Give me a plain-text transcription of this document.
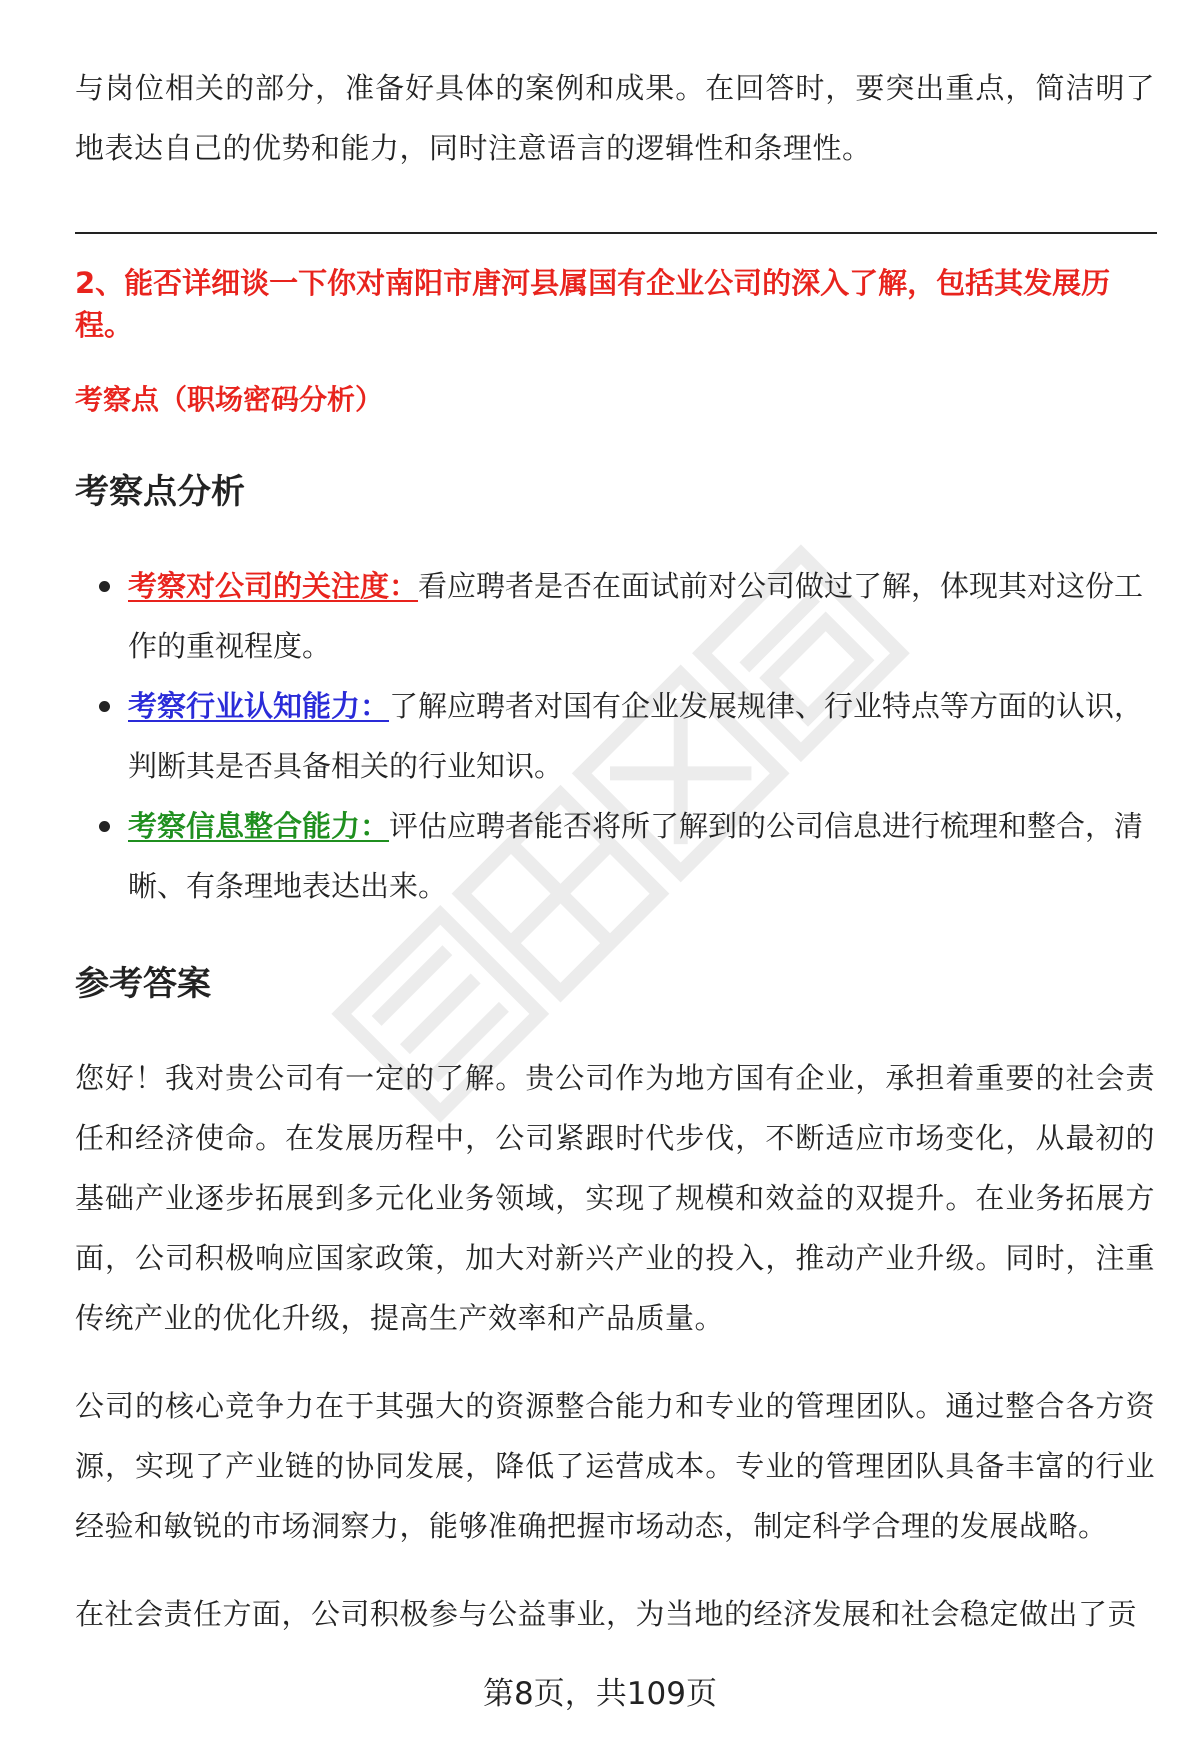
与岗位相关的部分，准备好具体的案例和成果。在回答时，要突出重点，简洁明了地表达自己的优势和能力，同时注意语言的逻辑性和条理性。

2、能否详细谈一下你对南阳市唐河县属国有企业公司的深入了解，包括其发展历程。

考察点（职场密码分析）

考察点分析

考察对公司的关注度：看应聘者是否在面试前对公司做过了解，体现其对这份工作的重视程度。
考察行业认知能力：了解应聘者对国有企业发展规律、行业特点等方面的认识，判断其是否具备相关的行业知识。
考察信息整合能力：评估应聘者能否将所了解到的公司信息进行梳理和整合，清晰、有条理地表达出来。

参考答案

您好！我对贵公司有一定的了解。贵公司作为地方国有企业，承担着重要的社会责任和经济使命。在发展历程中，公司紧跟时代步伐，不断适应市场变化，从最初的基础产业逐步拓展到多元化业务领域，实现了规模和效益的双提升。在业务拓展方面，公司积极响应国家政策，加大对新兴产业的投入，推动产业升级。同时，注重传统产业的优化升级，提高生产效率和产品质量。

公司的核心竞争力在于其强大的资源整合能力和专业的管理团队。通过整合各方资源，实现了产业链的协同发展，降低了运营成本。专业的管理团队具备丰富的行业经验和敏锐的市场洞察力，能够准确把握市场动态，制定科学合理的发展战略。

在社会责任方面，公司积极参与公益事业，为当地的经济发展和社会稳定做出了贡

第8页，共109页
